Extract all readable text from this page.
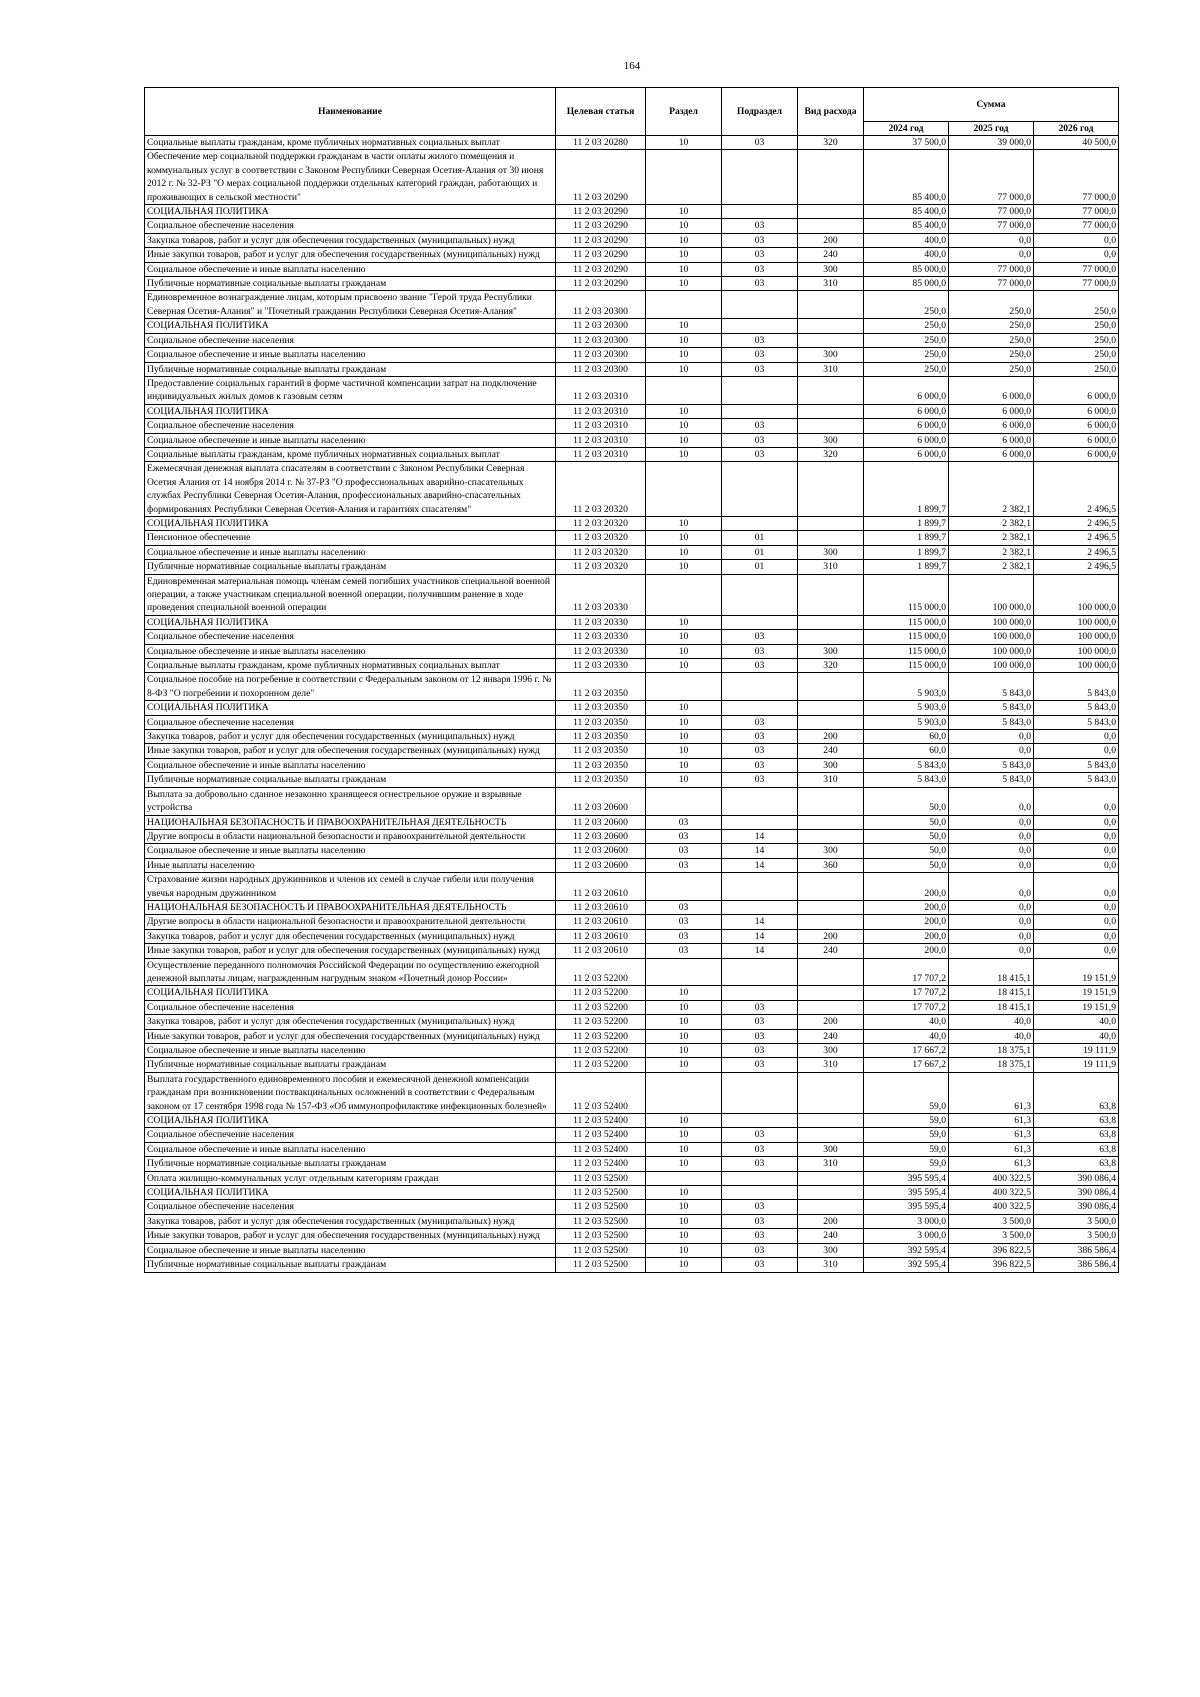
164
Наименование	Целевая статья	Раздел	Подраздел	Вид расхода	Сумма		
					2024 год	2025 год	2026 год
Социальные выплаты гражданам, кроме публичных нормативных социальных выплат	11 2 03 20280	10	03	320	37 500,0	39 000,0	40 500,0
Обеспечение мер социальной поддержки гражданам в части оплаты жилого помещения и коммунальных услуг в соответствии с Законом Республики Северная Осетия-Алания от 30 июня 2012 г. № 32-РЗ "О мерах социальной поддержки отдельных категорий граждан, работающих и проживающих в сельской местности"	11 2 03 20290				85 400,0	77 000,0	77 000,0
СОЦИАЛЬНАЯ ПОЛИТИКА	11 2 03 20290	10			85 400,0	77 000,0	77 000,0
Социальное обеспечение населения	11 2 03 20290	10	03		85 400,0	77 000,0	77 000,0
Закупка товаров, работ и услуг для обеспечения государственных (муниципальных) нужд	11 2 03 20290	10	03	200	400,0	0,0	0,0
Иные закупки товаров, работ и услуг для обеспечения государственных (муниципальных) нужд	11 2 03 20290	10	03	240	400,0	0,0	0,0
Социальное обеспечение и иные выплаты населению	11 2 03 20290	10	03	300	85 000,0	77 000,0	77 000,0
Публичные нормативные социальные выплаты гражданам	11 2 03 20290	10	03	310	85 000,0	77 000,0	77 000,0
Единовременное вознаграждение лицам, которым присвоено звание "Герой труда Республики Северная Осетия-Алания" и "Почетный гражданин Республики Северная Осетия-Алания"	11 2 03 20300				250,0	250,0	250,0
СОЦИАЛЬНАЯ ПОЛИТИКА	11 2 03 20300	10			250,0	250,0	250,0
Социальное обеспечение населения	11 2 03 20300	10	03		250,0	250,0	250,0
Социальное обеспечение и иные выплаты населению	11 2 03 20300	10	03	300	250,0	250,0	250,0
Публичные нормативные социальные выплаты гражданам	11 2 03 20300	10	03	310	250,0	250,0	250,0
Предоставление социальных гарантий в форме частичной компенсации затрат на подключение индивидуальных жилых домов к газовым сетям	11 2 03 20310				6 000,0	6 000,0	6 000,0
СОЦИАЛЬНАЯ ПОЛИТИКА	11 2 03 20310	10			6 000,0	6 000,0	6 000,0
Социальное обеспечение населения	11 2 03 20310	10	03		6 000,0	6 000,0	6 000,0
Социальное обеспечение и иные выплаты населению	11 2 03 20310	10	03	300	6 000,0	6 000,0	6 000,0
Социальные выплаты гражданам, кроме публичных нормативных социальных выплат	11 2 03 20310	10	03	320	6 000,0	6 000,0	6 000,0
Ежемесячная денежная выплата спасателям в соответствии с Законом Республики Северная Осетия Алания от 14 ноября 2014 г. № 37-РЗ "О профессиональных аварийно-спасательных службах Республики Северная Осетия-Алания, профессиональных аварийно-спасательных формированиях Республики Северная Осетия-Алания и гарантиях спасателям"	11 2 03 20320				1 899,7	2 382,1	2 496,5
СОЦИАЛЬНАЯ ПОЛИТИКА	11 2 03 20320	10			1 899,7	2 382,1	2 496,5
Пенсионное обеспечение	11 2 03 20320	10	01		1 899,7	2 382,1	2 496,5
Социальное обеспечение и иные выплаты населению	11 2 03 20320	10	01	300	1 899,7	2 382,1	2 496,5
Публичные нормативные социальные выплаты гражданам	11 2 03 20320	10	01	310	1 899,7	2 382,1	2 496,5
Единовременная материальная помощь членам семей погибших участников специальной военной операции, а также участникам специальной военной операции, получившим ранение в ходе проведения специальной военной операции	11 2 03 20330				115 000,0	100 000,0	100 000,0
СОЦИАЛЬНАЯ ПОЛИТИКА	11 2 03 20330	10			115 000,0	100 000,0	100 000,0
Социальное обеспечение населения	11 2 03 20330	10	03		115 000,0	100 000,0	100 000,0
Социальное обеспечение и иные выплаты населению	11 2 03 20330	10	03	300	115 000,0	100 000,0	100 000,0
Социальные выплаты гражданам, кроме публичных нормативных социальных выплат	11 2 03 20330	10	03	320	115 000,0	100 000,0	100 000,0
Социальное пособие на погребение в соответствии с Федеральным законом от 12 января 1996 г. № 8-ФЗ "О погребении и похоронном деле"	11 2 03 20350				5 903,0	5 843,0	5 843,0
СОЦИАЛЬНАЯ ПОЛИТИКА	11 2 03 20350	10			5 903,0	5 843,0	5 843,0
Социальное обеспечение населения	11 2 03 20350	10	03		5 903,0	5 843,0	5 843,0
Закупка товаров, работ и услуг для обеспечения государственных (муниципальных) нужд	11 2 03 20350	10	03	200	60,0	0,0	0,0
Иные закупки товаров, работ и услуг для обеспечения государственных (муниципальных) нужд	11 2 03 20350	10	03	240	60,0	0,0	0,0
Социальное обеспечение и иные выплаты населению	11 2 03 20350	10	03	300	5 843,0	5 843,0	5 843,0
Публичные нормативные социальные выплаты гражданам	11 2 03 20350	10	03	310	5 843,0	5 843,0	5 843,0
Выплата за добровольно сданное незаконно хранящееся огнестрельное оружие и взрывные устройства	11 2 03 20600				50,0	0,0	0,0
НАЦИОНАЛЬНАЯ БЕЗОПАСНОСТЬ И ПРАВООХРАНИТЕЛЬНАЯ ДЕЯТЕЛЬНОСТЬ	11 2 03 20600	03			50,0	0,0	0,0
Другие вопросы в области национальной безопасности и правоохранительной деятельности	11 2 03 20600	03	14		50,0	0,0	0,0
Социальное обеспечение и иные выплаты населению	11 2 03 20600	03	14	300	50,0	0,0	0,0
Иные выплаты населению	11 2 03 20600	03	14	360	50,0	0,0	0,0
Страхование жизни народных дружинников и членов их семей в случае гибели или получения увечья народным дружинником	11 2 03 20610				200,0	0,0	0,0
НАЦИОНАЛЬНАЯ БЕЗОПАСНОСТЬ И ПРАВООХРАНИТЕЛЬНАЯ ДЕЯТЕЛЬНОСТЬ	11 2 03 20610	03			200,0	0,0	0,0
Другие вопросы в области национальной безопасности и правоохранительной деятельности	11 2 03 20610	03	14		200,0	0,0	0,0
Закупка товаров, работ и услуг для обеспечения государственных (муниципальных) нужд	11 2 03 20610	03	14	200	200,0	0,0	0,0
Иные закупки товаров, работ и услуг для обеспечения государственных (муниципальных) нужд	11 2 03 20610	03	14	240	200,0	0,0	0,0
Осуществление переданного полномочия Российской Федерации по осуществлению ежегодной денежной выплаты лицам, награжденным нагрудным знаком «Почетный донор России»	11 2 03 52200				17 707,2	18 415,1	19 151,9
СОЦИАЛЬНАЯ ПОЛИТИКА	11 2 03 52200	10			17 707,2	18 415,1	19 151,9
Социальное обеспечение населения	11 2 03 52200	10	03		17 707,2	18 415,1	19 151,9
Закупка товаров, работ и услуг для обеспечения государственных (муниципальных) нужд	11 2 03 52200	10	03	200	40,0	40,0	40,0
Иные закупки товаров, работ и услуг для обеспечения государственных (муниципальных) нужд	11 2 03 52200	10	03	240	40,0	40,0	40,0
Социальное обеспечение и иные выплаты населению	11 2 03 52200	10	03	300	17 667,2	18 375,1	19 111,9
Публичные нормативные социальные выплаты гражданам	11 2 03 52200	10	03	310	17 667,2	18 375,1	19 111,9
Выплата государственного единовременного пособия и ежемесячной денежной компенсации гражданам при возникновении поствакцинальных осложнений в соответствии с Федеральным законом от 17 сентября 1998 года № 157-ФЗ «Об иммунопрофилактике инфекционных болезней»	11 2 03 52400				59,0	61,3	63,8
СОЦИАЛЬНАЯ ПОЛИТИКА	11 2 03 52400	10			59,0	61,3	63,8
Социальное обеспечение населения	11 2 03 52400	10	03		59,0	61,3	63,8
Социальное обеспечение и иные выплаты населению	11 2 03 52400	10	03	300	59,0	61,3	63,8
Публичные нормативные социальные выплаты гражданам	11 2 03 52400	10	03	310	59,0	61,3	63,8
Оплата жилищно-коммунальных услуг отдельным категориям граждан	11 2 03 52500				395 595,4	400 322,5	390 086,4
СОЦИАЛЬНАЯ ПОЛИТИКА	11 2 03 52500	10			395 595,4	400 322,5	390 086,4
Социальное обеспечение населения	11 2 03 52500	10	03		395 595,4	400 322,5	390 086,4
Закупка товаров, работ и услуг для обеспечения государственных (муниципальных) нужд	11 2 03 52500	10	03	200	3 000,0	3 500,0	3 500,0
Иные закупки товаров, работ и услуг для обеспечения государственных (муниципальных) нужд	11 2 03 52500	10	03	240	3 000,0	3 500,0	3 500,0
Социальное обеспечение и иные выплаты населению	11 2 03 52500	10	03	300	392 595,4	396 822,5	386 586,4
Публичные нормативные социальные выплаты гражданам	11 2 03 52500	10	03	310	392 595,4	396 822,5	386 586,4
